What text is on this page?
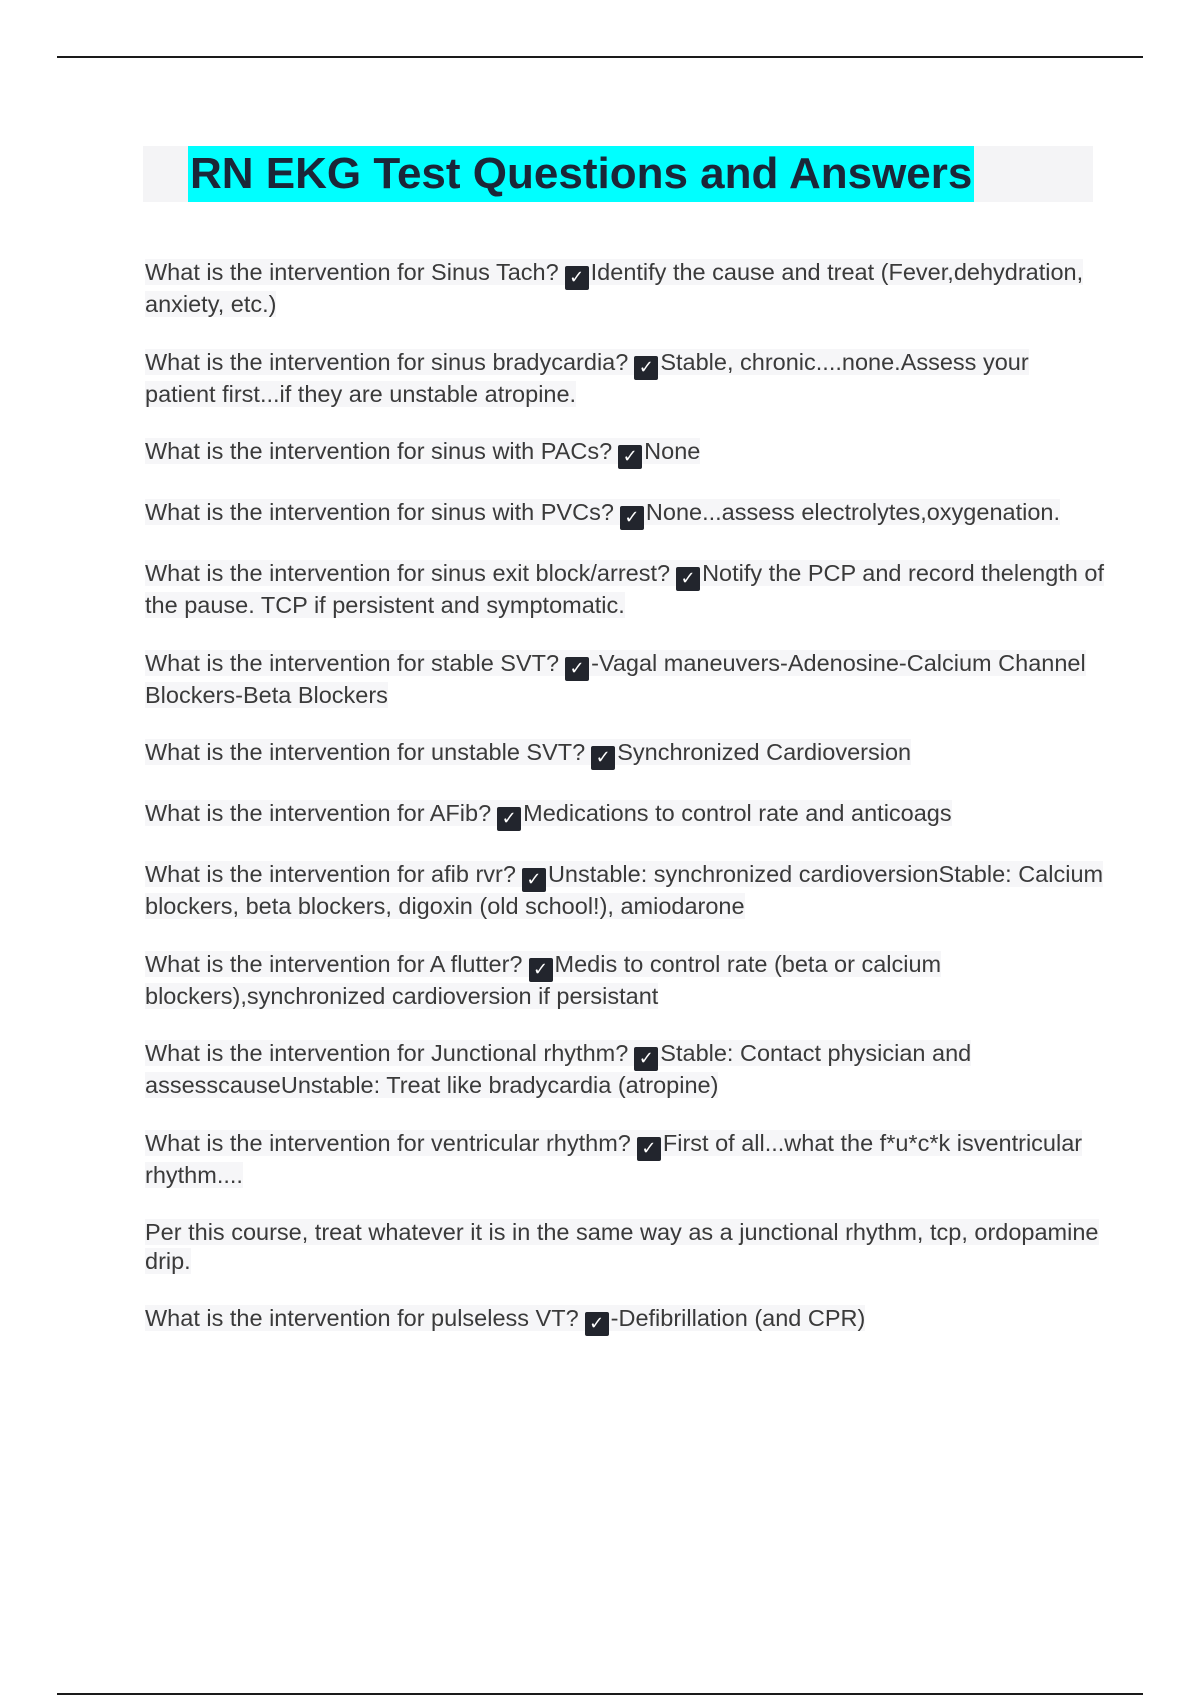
RN EKG Test Questions and Answers
What is the intervention for Sinus Tach? ✓ Identify the cause and treat (Fever,dehydration, anxiety, etc.)
What is the intervention for sinus bradycardia? ✓ Stable, chronic....none.Assess your patient first...if they are unstable atropine.
What is the intervention for sinus with PACs? ✓ None
What is the intervention for sinus with PVCs? ✓ None...assess electrolytes,oxygenation.
What is the intervention for sinus exit block/arrest? ✓ Notify the PCP and record thelength of the pause. TCP if persistent and symptomatic.
What is the intervention for stable SVT? ✓ -Vagal maneuvers-Adenosine-Calcium Channel Blockers-Beta Blockers
What is the intervention for unstable SVT? ✓ Synchronized Cardioversion
What is the intervention for AFib? ✓ Medications to control rate and anticoags
What is the intervention for afib rvr? ✓ Unstable: synchronized cardioversionStable: Calcium blockers, beta blockers, digoxin (old school!), amiodarone
What is the intervention for A flutter? ✓ Medis to control rate (beta or calcium blockers),synchronized cardioversion if persistant
What is the intervention for Junctional rhythm? ✓ Stable: Contact physician and assesscauseUnstable: Treat like bradycardia (atropine)
What is the intervention for ventricular rhythm? ✓ First of all...what the f*u*c*k isventricular rhythm....
Per this course, treat whatever it is in the same way as a junctional rhythm, tcp, ordopamine drip.
What is the intervention for pulseless VT? ✓ -Defibrillation (and CPR)
